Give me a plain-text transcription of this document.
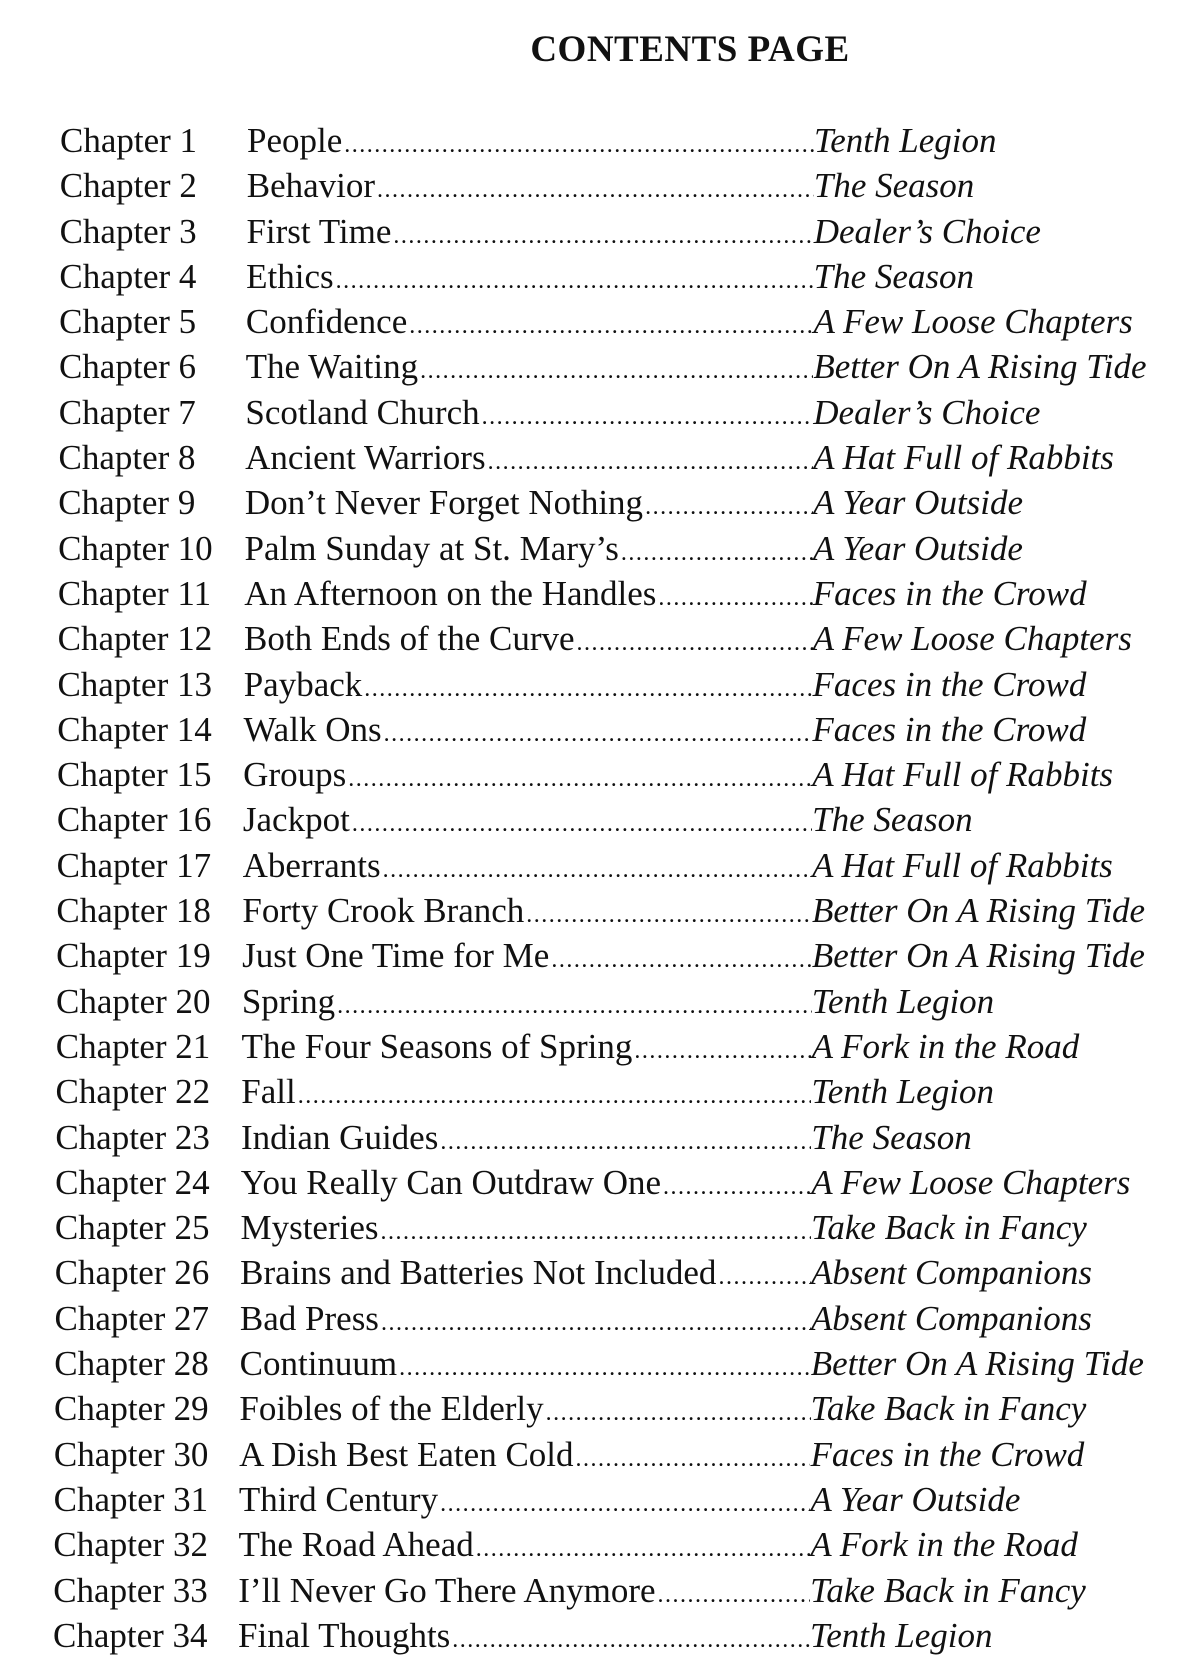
CONTENTS PAGE
Chapter 1 People .....	Tenth Legion
Chapter 2 Behavior .....	The Season
Chapter 3 First Time .....	Dealer’s Choice
Chapter 4 Ethics .....	The Season
Chapter 5 Confidence .....	A Few Loose Chapters
Chapter 6 The Waiting .....	Better On A Rising Tide
Chapter 7 Scotland Church .....	Dealer’s Choice
Chapter 8 Ancient Warriors .....	A Hat Full of Rabbits
Chapter 9 Don’t Never Forget Nothing .....	A Year Outside
Chapter 10 Palm Sunday at St. Mary’s .....	A Year Outside
Chapter 11 An Afternoon on the Handles .....	Faces in the Crowd
Chapter 12 Both Ends of the Curve .....	A Few Loose Chapters
Chapter 13 Payback .....	Faces in the Crowd
Chapter 14 Walk Ons .....	Faces in the Crowd
Chapter 15 Groups .....	A Hat Full of Rabbits
Chapter 16 Jackpot .....	The Season
Chapter 17 Aberrants .....	A Hat Full of Rabbits
Chapter 18 Forty Crook Branch .....	Better On A Rising Tide
Chapter 19 Just One Time for Me .....	Better On A Rising Tide
Chapter 20 Spring .....	Tenth Legion
Chapter 21 The Four Seasons of Spring .....	A Fork in the Road
Chapter 22 Fall .....	Tenth Legion
Chapter 23 Indian Guides .....	The Season
Chapter 24 You Really Can Outdraw One .....	A Few Loose Chapters
Chapter 25 Mysteries .....	Take Back in Fancy
Chapter 26 Brains and Batteries Not Included .....	Absent Companions
Chapter 27 Bad Press .....	Absent Companions
Chapter 28 Continuum .....	Better On A Rising Tide
Chapter 29 Foibles of the Elderly .....	Take Back in Fancy
Chapter 30 A Dish Best Eaten Cold .....	Faces in the Crowd
Chapter 31 Third Century .....	A Year Outside
Chapter 32 The Road Ahead .....	A Fork in the Road
Chapter 33 I’ll Never Go There Anymore .....	Take Back in Fancy
Chapter 34 Final Thoughts .....	Tenth Legion
